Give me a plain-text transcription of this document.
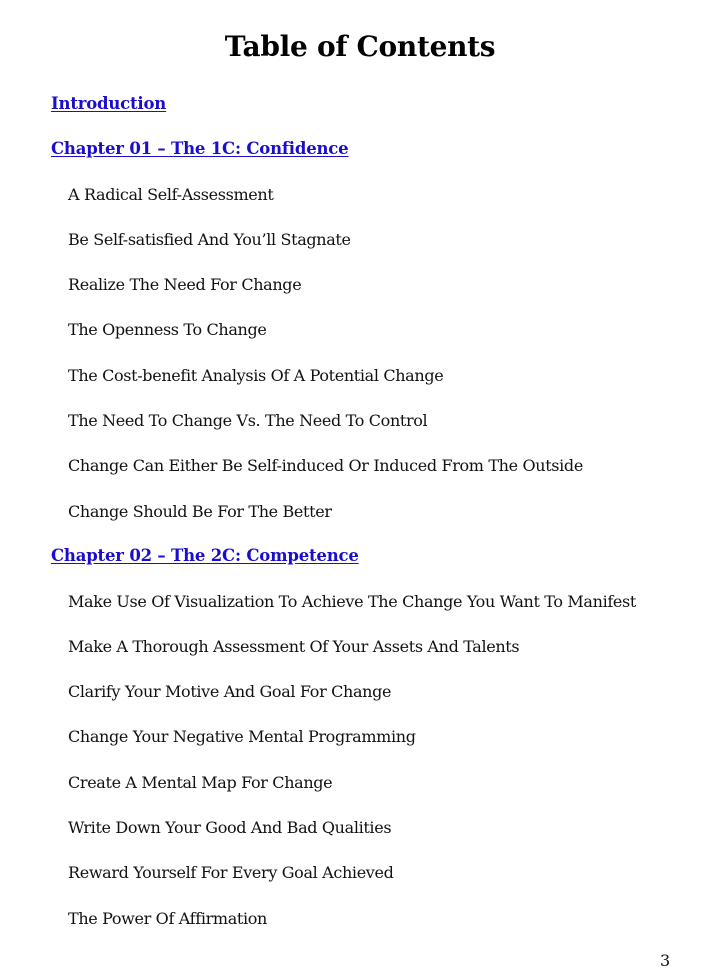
Table of Contents
Introduction
Chapter 01 – The 1C: Confidence
A Radical Self-Assessment
Be Self-satisfied And You’ll Stagnate
Realize The Need For Change
The Openness To Change
The Cost-benefit Analysis Of A Potential Change
The Need To Change Vs. The Need To Control
Change Can Either Be Self-induced Or Induced From The Outside
Change Should Be For The Better
Chapter 02 – The 2C: Competence
Make Use Of Visualization To Achieve The Change You Want To Manifest
Make A Thorough Assessment Of Your Assets And Talents
Clarify Your Motive And Goal For Change
Change Your Negative Mental Programming
Create A Mental Map For Change
Write Down Your Good And Bad Qualities
Reward Yourself For Every Goal Achieved
The Power Of Affirmation
3
